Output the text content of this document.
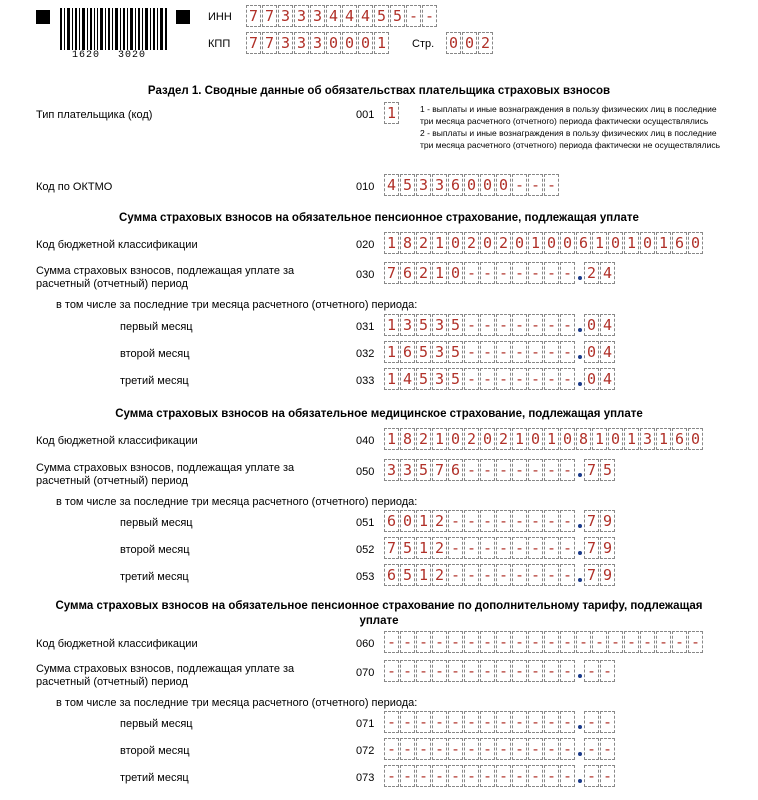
1620 3020
ИНН 7 7 3 3 3 4 4 4 5 5 - -
КПП 7 7 3 3 3 0 0 0 1 Стр. 0 0 2
Раздел 1. Сводные данные об обязательствах плательщика страховых взносов
Тип плательщика (код)	001 1	1 - выплаты и иные вознаграждения в пользу физических лиц в последние
три месяца расчетного (отчетного) периода фактически осуществлялись
2 - выплаты и иные вознаграждения в пользу физических лиц в последние
три месяца расчетного (отчетного) периода фактически не осуществлялись
Код по ОКТМО	010 4 5 3 3 6 0 0 0 - - -
Сумма страховых взносов на обязательное пенсионное страхование, подлежащая уплате
Код бюджетной классификации	020 1 8 2 1 0 2 0 2 0 1 0 0 6 1 0 1 0 1 6 0
Сумма страховых взносов, подлежащая уплате за
расчетный (отчетный) период
030 7 6 2 1 0 - - - - - - - 2 4
в том числе за последние три месяца расчетного (отчетного) периода:
первый месяц	031 1 3 5 3 5 - - - - - - - 0 4
второй месяц	032 1 6 5 3 5 - - - - - - - 0 4
третий месяц	033 1 4 5 3 5 - - - - - - - 0 4
Сумма страховых взносов на обязательное медицинское страхование, подлежащая уплате
Код бюджетной классификации	040 1 8 2 1 0 2 0 2 1 0 1 0 8 1 0 1 3 1 6 0
Сумма страховых взносов, подлежащая уплате за
расчетный (отчетный) период
050 3 3 5 7 6 - - - - - - - 7 5
в том числе за последние три месяца расчетного (отчетного) периода:
первый месяц	051 6 0 1 2 - - - - - - - - 7 9
второй месяц	052 7 5 1 2 - - - - - - - - 7 9
третий месяц	053 6 5 1 2 - - - - - - - - 7 9
Сумма страховых взносов на обязательное пенсионное страхование по дополнительному тарифу, подлежащая
уплате
Код бюджетной классификации	060 - - - - - - - - - - - - - - - - - - - -
Сумма страховых взносов, подлежащая уплате за
расчетный (отчетный) период
070 - - - - - - - - - - - - - -
в том числе за последние три месяца расчетного (отчетного) периода:
первый месяц	071 - - - - - - - - - - - - - -
второй месяц	072 - - - - - - - - - - - - - -
третий месяц	073 - - - - - - - - - - - - - -
